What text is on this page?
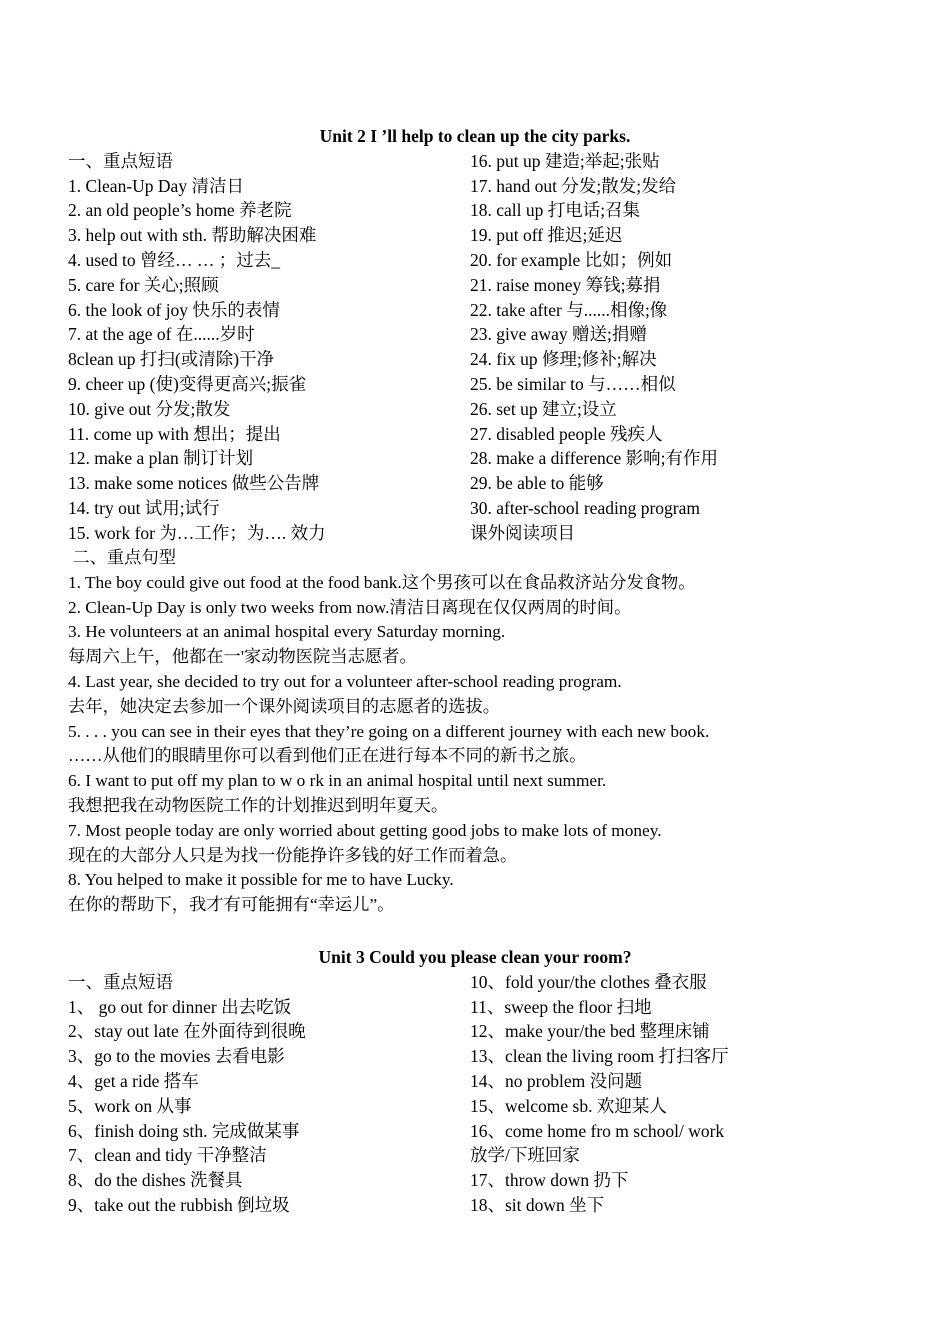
Unit 2 I ’ll help to clean up the city parks.
一、重点短语
1. Clean-Up Day 清洁日
2. an old people’s home 养老院
3. help out with sth. 帮助解决困难
4. used to 曾经… … ；过去_
5. care for 关心;照顾
6. the look of joy 快乐的表情
7. at the age of 在......岁时
8clean up 打扫(或清除)干净
9. cheer up (使)变得更高兴;振雀
10. give out 分发;散发
11. come up with 想出；提出
12. make a plan 制订计划
13. make some notices 做些公告牌
14. try out 试用;试行
15. work for 为…工作；为…. 效力
16. put up 建造;举起;张贴
17. hand out 分发;散发;发给
18. call up 打电话;召集
19. put off 推迟;延迟
20. for example 比如；例如
21. raise money 筹钱;募捐
22. take after 与......相像;像
23. give away 赠送;捐赠
24. fix up 修理;修补;解决
25. be similar to 与……相似
26. set up 建立;设立
27. disabled people 残疾人
28. make a difference 影响;有作用
29. be able to 能够
30. after-school reading program
课外阅读项目
二、重点句型
1. The boy could give out food at the food bank.这个男孩可以在食品救济站分发食物。
2. Clean-Up Day is only two weeks from now.清洁日离现在仅仅两周的时间。
3. He volunteers at an animal hospital every Saturday morning.
每周六上午，他都在一'家动物医院当志愿者。
4. Last year, she decided to try out for a volunteer after-school reading program.
去年，她决定去参加一个课外阅读项目的志愿者的选拔。
5. . . . you can see in their eyes that they’re going on a different journey with each new book.
……从他们的眼睛里你可以看到他们正在进行每本不同的新书之旅。
6. I want to put off my plan to w o rk in an animal hospital until next summer.
我想把我在动物医院工作的计划推迟到明年夏天。
7. Most people today are only worried about getting good jobs to make lots of money.
现在的大部分人只是为找一份能挣许多钱的好工作而着急。
8. You helped to make it possible for me to have Lucky.
在你的帮助下，我才有可能拥有“幸运儿”。
Unit 3 Could you please clean your room?
一、重点短语
1、 go out for dinner 出去吃饭
2、stay out late 在外面待到很晚
3、go to the movies 去看电影
4、get a ride 搭车
5、work on 从事
6、finish doing sth. 完成做某事
7、clean and tidy 干净整洁
8、do the dishes 洗餐具
9、take out the rubbish 倒垃圾
10、fold your/the clothes 叠衣服
11、sweep the floor 扫地
12、make your/the bed 整理床铺
13、clean the living room 打扫客厅
14、no problem 没问题
15、welcome sb. 欢迎某人
16、come home fro m school/ work
放学/下班回家
17、throw down 扔下
18、sit down 坐下
